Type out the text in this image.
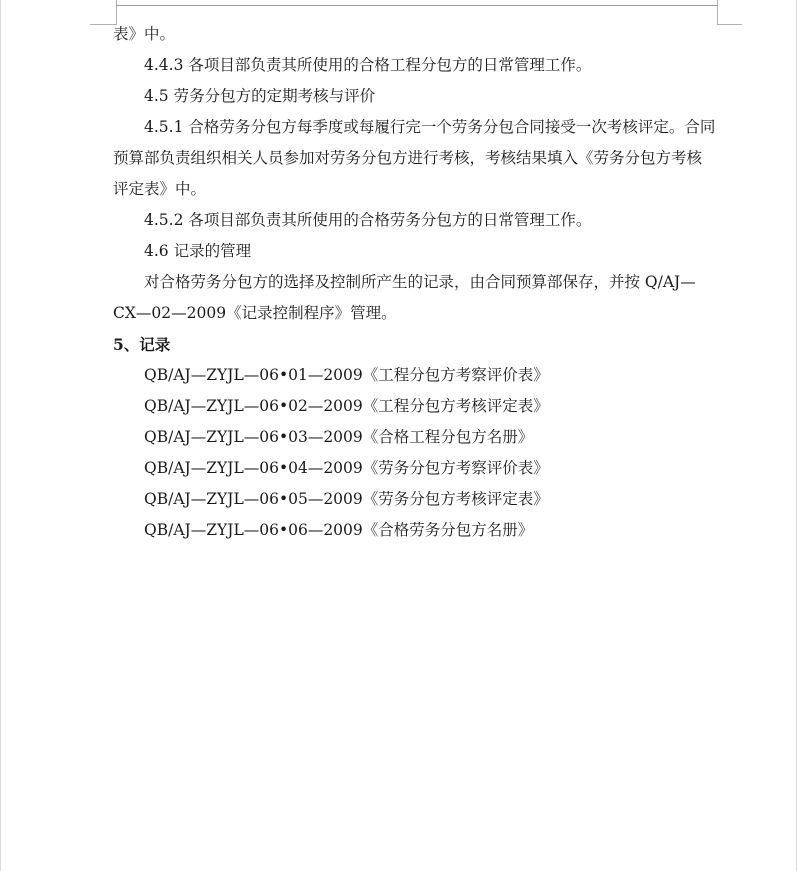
表》中。

4.4.3 各项目部负责其所使用的合格工程分包方的日常管理工作。

4.5 劳务分包方的定期考核与评价

4.5.1 合格劳务分包方每季度或每履行完一个劳务分包合同接受一次考核评定。合同

预算部负责组织相关人员参加对劳务分包方进行考核，考核结果填入《劳务分包方考核

评定表》中。

4.5.2 各项目部负责其所使用的合格劳务分包方的日常管理工作。

4.6 记录的管理

对合格劳务分包方的选择及控制所产生的记录，由合同预算部保存，并按 Q/AJ—

CX—02—2009《记录控制程序》管理。

5、记录

QB/AJ—ZYJL—06•01—2009《工程分包方考察评价表》

QB/AJ—ZYJL—06•02—2009《工程分包方考核评定表》

QB/AJ—ZYJL—06•03—2009《合格工程分包方名册》

QB/AJ—ZYJL—06•04—2009《劳务分包方考察评价表》

QB/AJ—ZYJL—06•05—2009《劳务分包方考核评定表》

QB/AJ—ZYJL—06•06—2009《合格劳务分包方名册》
